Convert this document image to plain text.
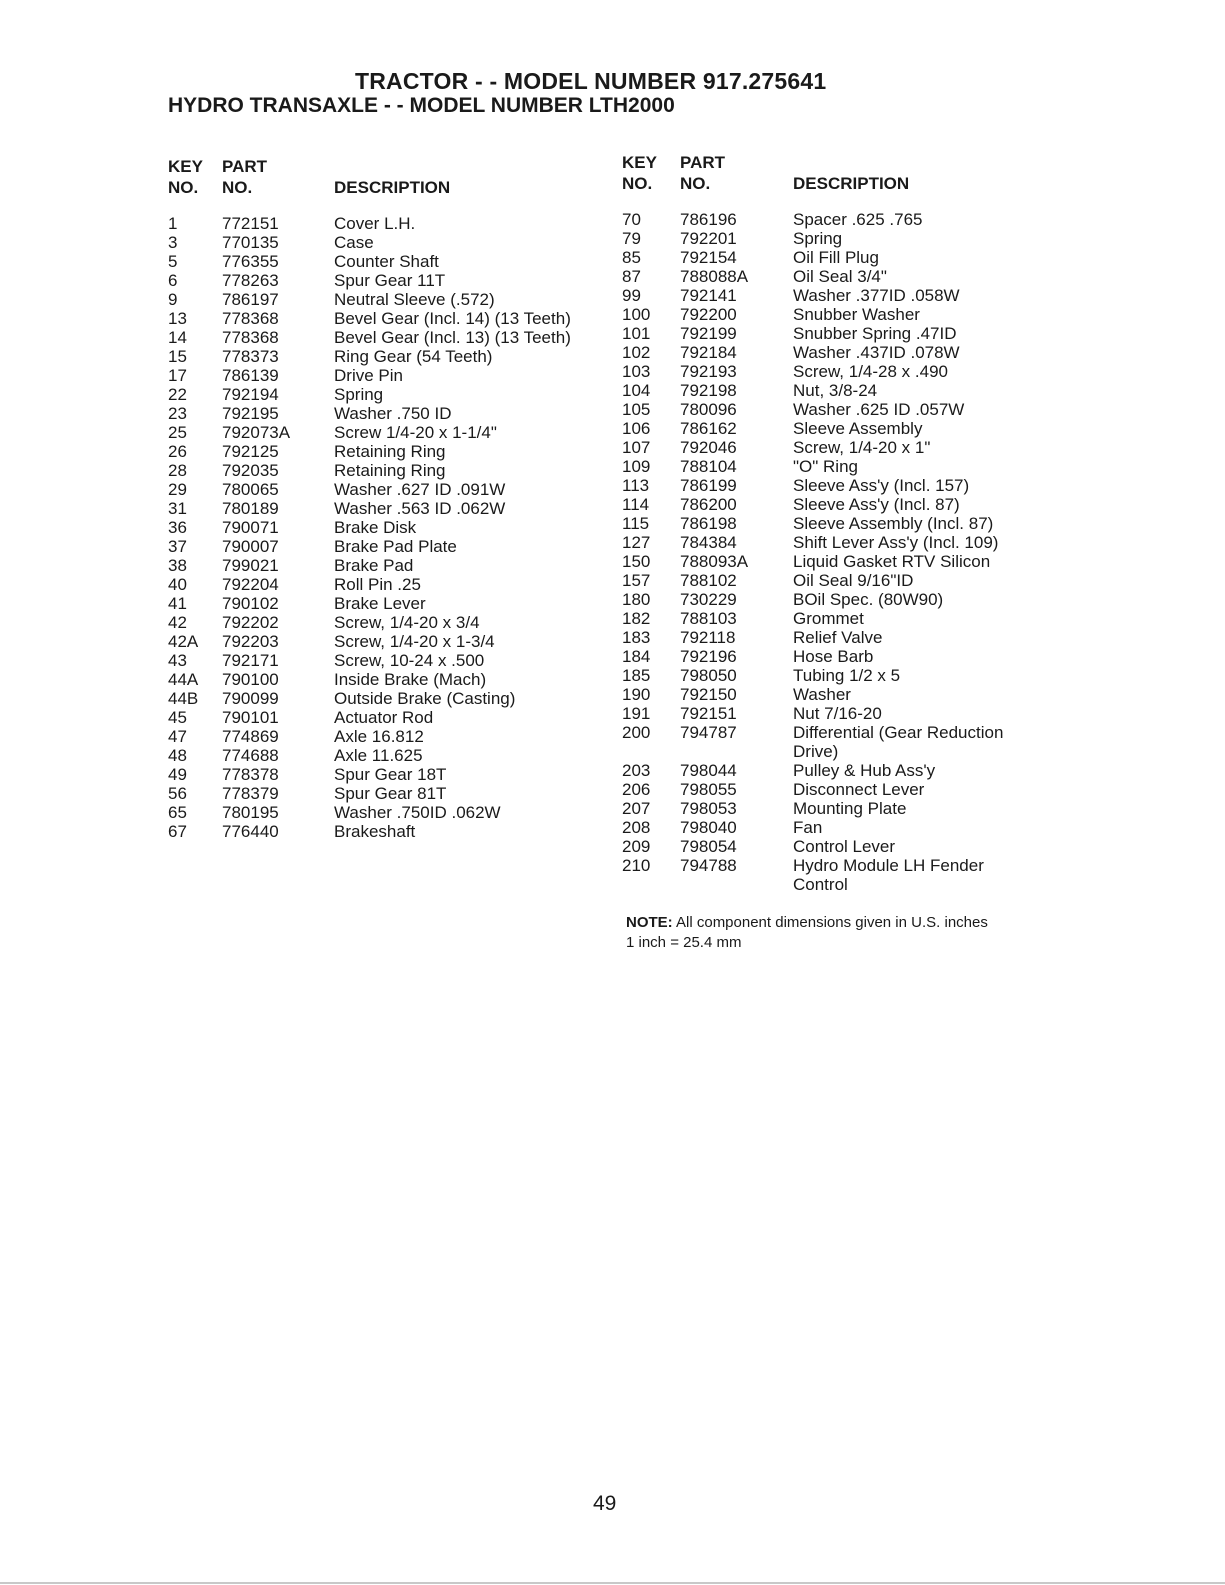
TRACTOR - - MODEL NUMBER 917.275641
HYDRO TRANSAXLE - - MODEL NUMBER LTH2000
KEY
NO.
PART
NO.	DESCRIPTION
KEY
NO.
PART
NO.	DESCRIPTION
1	772151	Cover L.H.
3	770135	Case
5	776355	Counter Shaft
6	778263	Spur Gear 11T
9	786197	Neutral Sleeve (.572)
13 778368	Bevel Gear (Incl. 14) (13 Teeth)
14 778368	Bevel Gear (Incl. 13) (13 Teeth)
15 778373	Ring Gear (54 Teeth)
17 786139	Drive Pin
22 792194	Spring
23 792195	Washer .750 ID
25 792073A	Screw 1/4-20 x 1-1/4"
26 792125	Retaining Ring
28 792035	Retaining Ring
29 780065	Washer .627 ID .091W
31 780189	Washer .563 ID .062W
36 790071	Brake Disk
37 790007	Brake Pad Plate
38 799021	Brake Pad
40 792204	Roll Pin .25
41 790102	Brake Lever
42 792202	Screw, 1/4-20 x 3/4
42A 792203	Screw, 1/4-20 x 1-3/4
43 792171	Screw, 10-24 x .500
44A 790100	Inside Brake (Mach)
44B 790099	Outside Brake (Casting)
45 790101	Actuator Rod
47 774869	Axle 16.812
48 774688	Axle 11.625
49 778378	Spur Gear 18T
56 778379	Spur Gear 81T
65 780195	Washer .750ID .062W
67 776440	Brakeshaft
70 786196	Spacer .625 .765
79 792201	Spring
85 792154	Oil Fill Plug
87 788088A	Oil Seal 3/4"
99 792141	Washer .377ID .058W
100 792200	Snubber Washer
101 792199	Snubber Spring .47ID
102 792184	Washer .437ID .078W
103 792193	Screw, 1/4-28 x .490
104 792198	Nut, 3/8-24
105 780096	Washer .625 ID .057W
106 786162	Sleeve Assembly
107 792046	Screw, 1/4-20 x 1"
109 788104	"O" Ring
113 786199	Sleeve Ass'y (Incl. 157)
114 786200	Sleeve Ass'y (Incl. 87)
115 786198	Sleeve Assembly (Incl. 87)
127 784384	Shift Lever Ass'y (Incl. 109)
150 788093A	Liquid Gasket RTV Silicon
157 788102	Oil Seal 9/16"ID
180 730229	BOil Spec. (80W90)
182 788103	Grommet
183 792118	Relief Valve
184 792196	Hose Barb
185 798050	Tubing 1/2 x 5
190 792150	Washer
191 792151	Nut 7/16-20
200 794787	Differential (Gear Reduction Drive)
203 798044	Pulley & Hub Ass'y
206 798055	Disconnect Lever
207 798053	Mounting Plate
208 798040	Fan
209 798054	Control Lever
210 794788	Hydro Module LH Fender Control
NOTE: All component dimensions given in U.S. inches
1 inch = 25.4 mm
49
